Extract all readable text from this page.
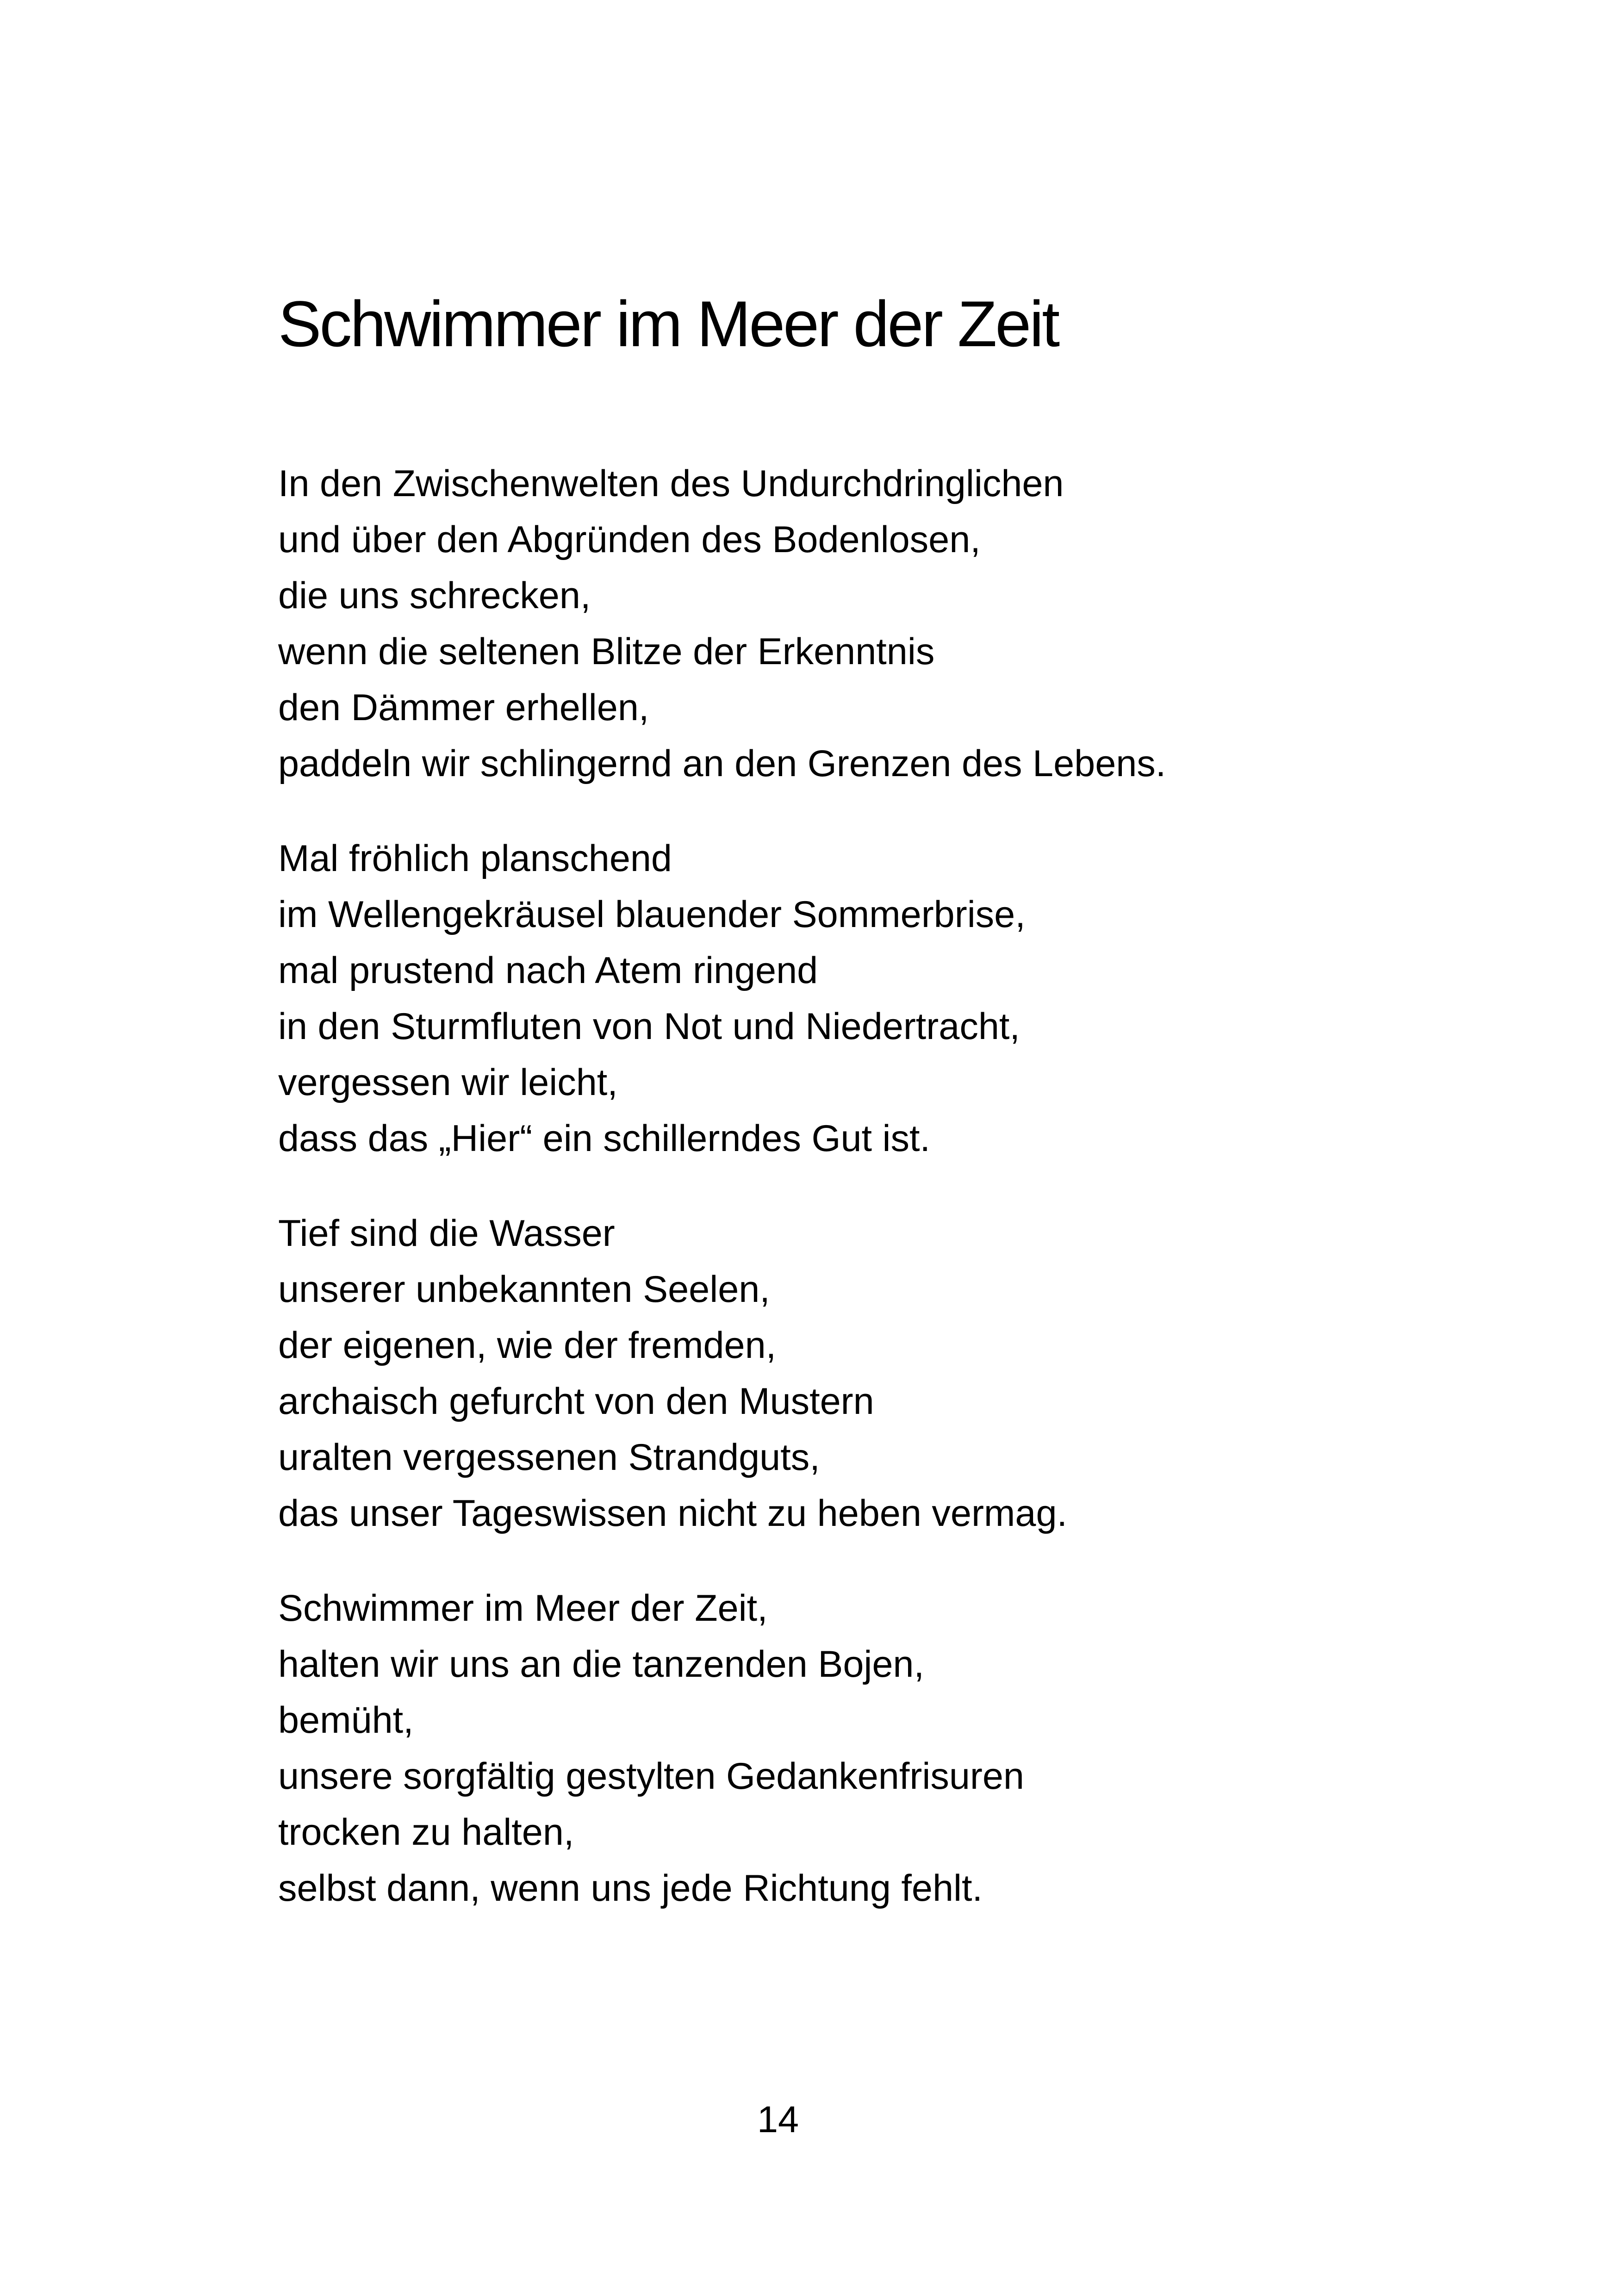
Schwimmer im Meer der Zeit
In den Zwischenwelten des Undurchdringlichen
und über den Abgründen des Bodenlosen,
die uns schrecken,
wenn die seltenen Blitze der Erkenntnis
den Dämmer erhellen,
paddeln wir schlingernd an den Grenzen des Lebens.
Mal fröhlich planschend
im Wellengekräusel blauender Sommerbrise,
mal prustend nach Atem ringend
in den Sturmfluten von Not und Niedertracht,
vergessen wir leicht,
dass das „Hier“ ein schillerndes Gut ist.
Tief sind die Wasser
unserer unbekannten Seelen,
der eigenen, wie der fremden,
archaisch gefurcht von den Mustern
uralten vergessenen Strandguts,
das unser Tageswissen nicht zu heben vermag.
Schwimmer im Meer der Zeit,
halten wir uns an die tanzenden Bojen,
bemüht,
unsere sorgfältig gestylten Gedankenfrisuren
trocken zu halten,
selbst dann, wenn uns jede Richtung fehlt.
14
